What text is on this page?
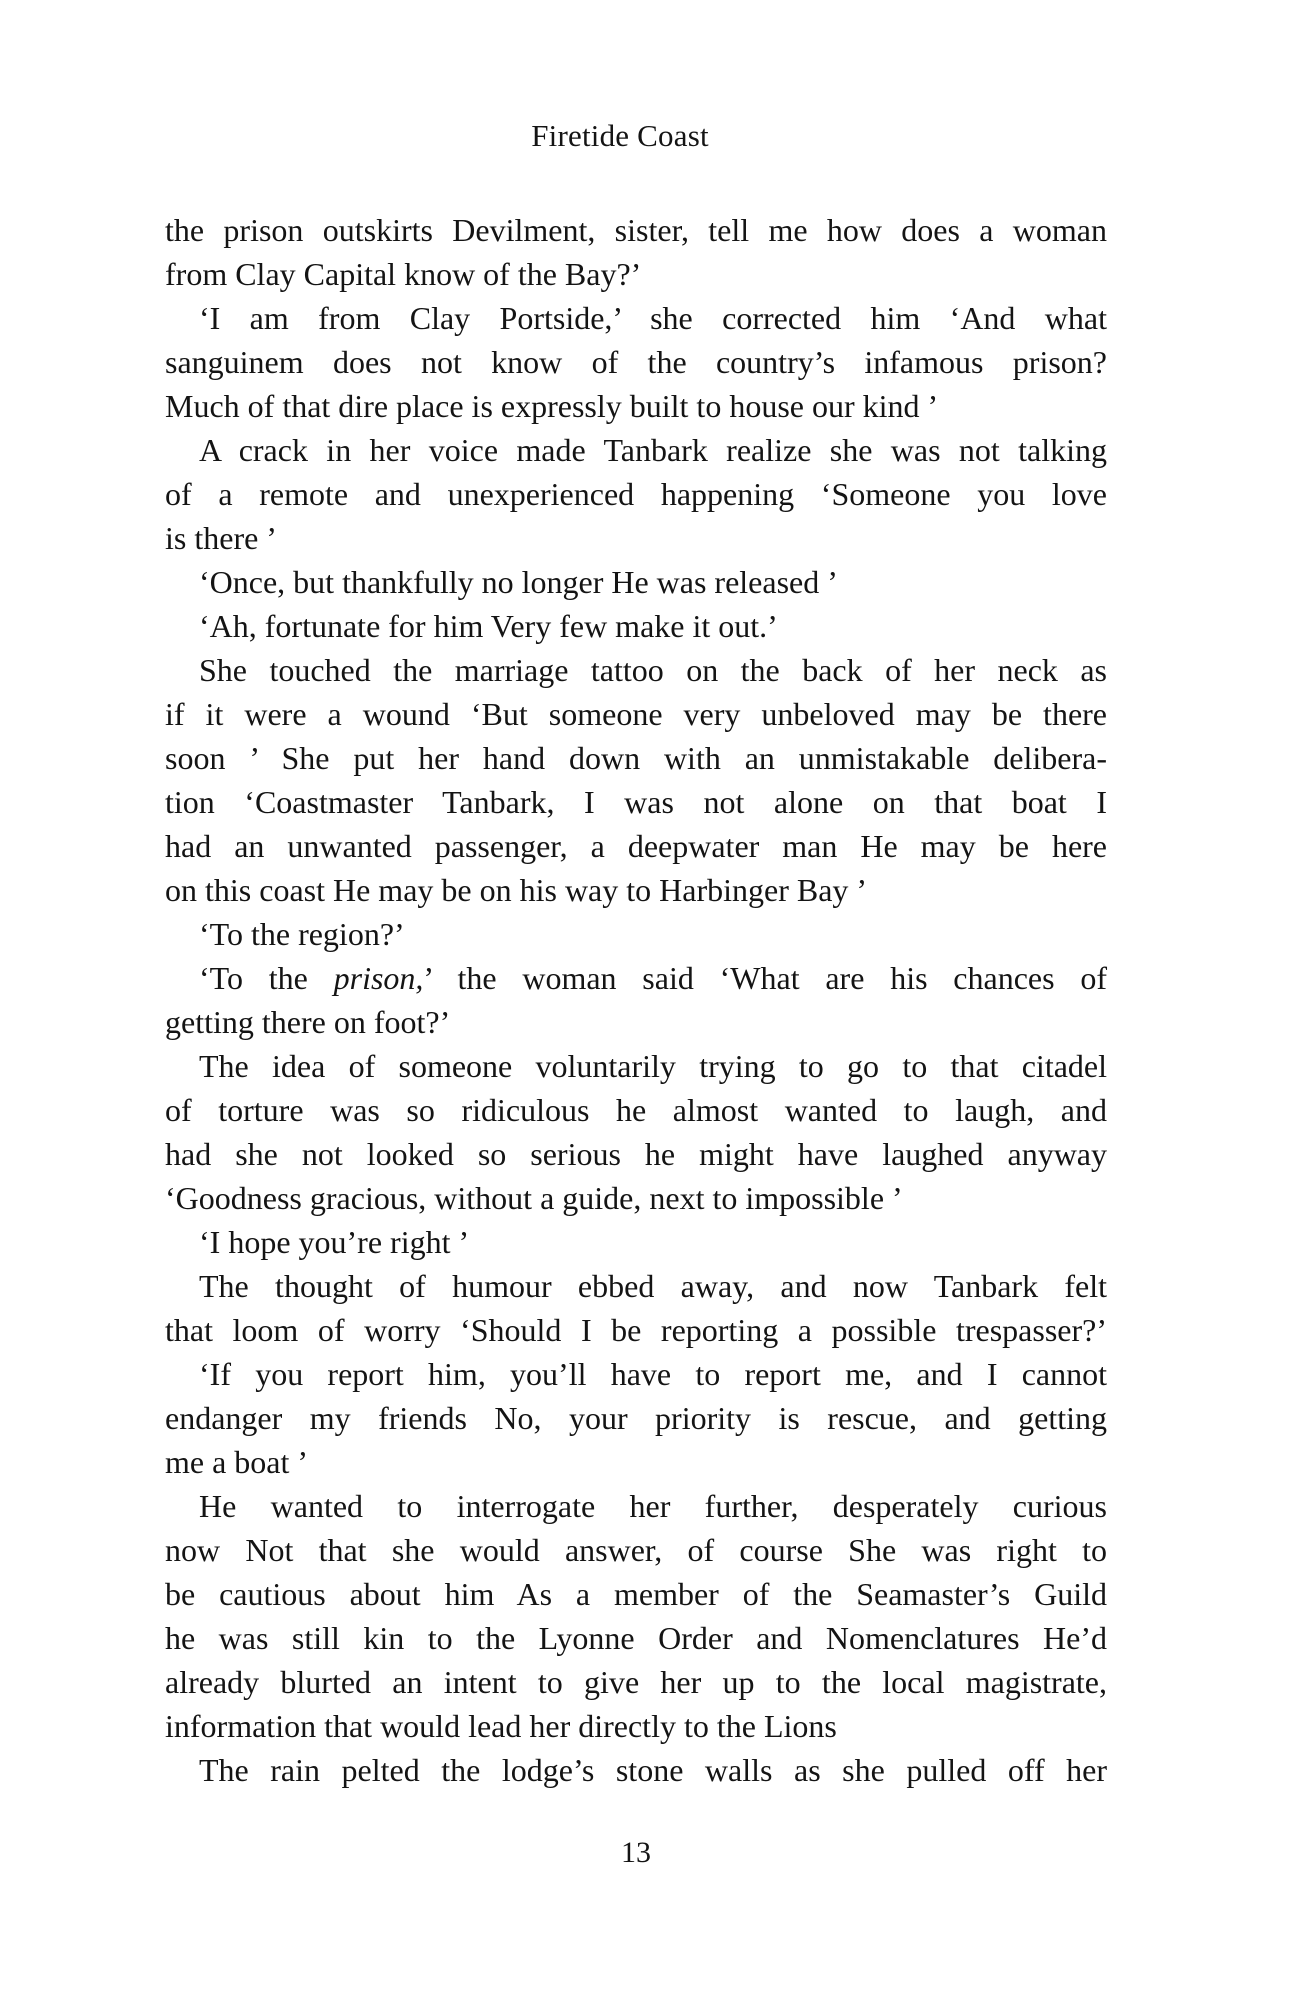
Firetide Coast
the prison outskirts Devilment, sister, tell me how does a woman
from Clay Capital know of the Bay?’
‘I am from Clay Portside,’ she corrected him ‘And what
sanguinem does not know of the country’s infamous prison?
Much of that dire place is expressly built to house our kind ’
A crack in her voice made Tanbark realize she was not talking
of a remote and unexperienced happening ‘Someone you love
is there ’
‘Once, but thankfully no longer He was released ’
‘Ah, fortunate for him Very few make it out.’
She touched the marriage tattoo on the back of her neck as
if it were a wound ‘But someone very unbeloved may be there
soon ’ She put her hand down with an unmistakable delibera-
tion ‘Coastmaster Tanbark, I was not alone on that boat I
had an unwanted passenger, a deepwater man He may be here
on this coast He may be on his way to Harbinger Bay ’
‘To the region?’
‘To the prison,’ the woman said ‘What are his chances of
getting there on foot?’
The idea of someone voluntarily trying to go to that citadel
of torture was so ridiculous he almost wanted to laugh, and
had she not looked so serious he might have laughed anyway
‘Goodness gracious, without a guide, next to impossible ’
‘I hope you’re right ’
The thought of humour ebbed away, and now Tanbark felt
that loom of worry ‘Should I be reporting a possible trespasser?’
‘If you report him, you’ll have to report me, and I cannot
endanger my friends No, your priority is rescue, and getting
me a boat ’
He wanted to interrogate her further, desperately curious
now Not that she would answer, of course She was right to
be cautious about him As a member of the Seamaster’s Guild
he was still kin to the Lyonne Order and Nomenclatures He’d
already blurted an intent to give her up to the local magistrate,
information that would lead her directly to the Lions
The rain pelted the lodge’s stone walls as she pulled off her
13
